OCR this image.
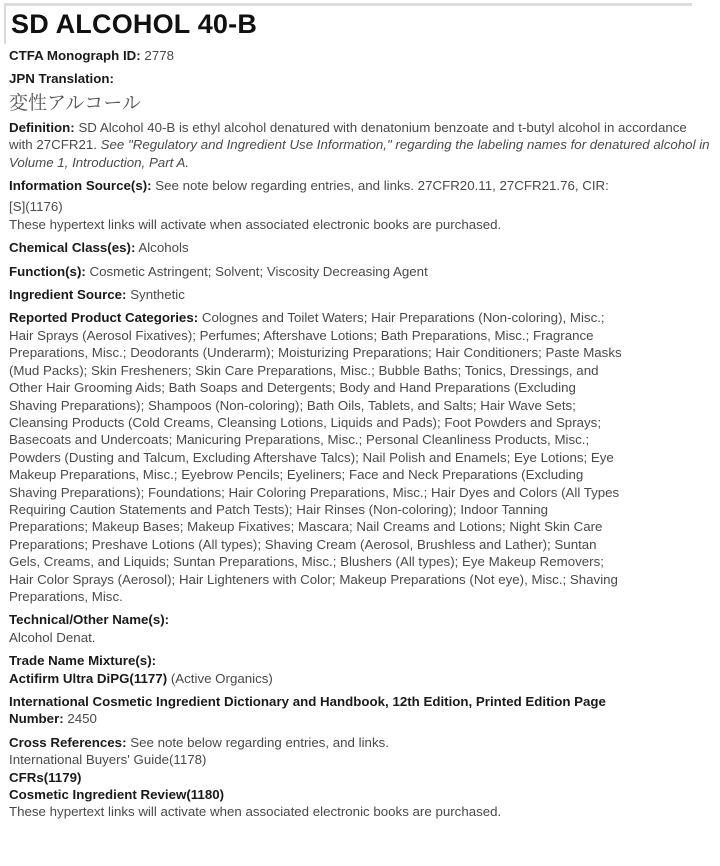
SD ALCOHOL 40-B
CTFA Monograph ID: 2778
JPN Translation:
変性アルコール
Definition: SD Alcohol 40-B is ethyl alcohol denatured with denatonium benzoate and t-butyl alcohol in accordance with 27CFR21. See "Regulatory and Ingredient Use Information," regarding the labeling names for denatured alcohol in Volume 1, Introduction, Part A.
Information Source(s): See note below regarding entries, and links. 27CFR20.11, 27CFR21.76, CIR:
[S](1176)
These hypertext links will activate when associated electronic books are purchased.
Chemical Class(es): Alcohols
Function(s): Cosmetic Astringent; Solvent; Viscosity Decreasing Agent
Ingredient Source: Synthetic
Reported Product Categories: Colognes and Toilet Waters; Hair Preparations (Non-coloring), Misc.;
Hair Sprays (Aerosol Fixatives); Perfumes; Aftershave Lotions; Bath Preparations, Misc.; Fragrance
Preparations, Misc.; Deodorants (Underarm); Moisturizing Preparations; Hair Conditioners; Paste Masks
(Mud Packs); Skin Fresheners; Skin Care Preparations, Misc.; Bubble Baths; Tonics, Dressings, and
Other Hair Grooming Aids; Bath Soaps and Detergents; Body and Hand Preparations (Excluding
Shaving Preparations); Shampoos (Non-coloring); Bath Oils, Tablets, and Salts; Hair Wave Sets;
Cleansing Products (Cold Creams, Cleansing Lotions, Liquids and Pads); Foot Powders and Sprays;
Basecoats and Undercoats; Manicuring Preparations, Misc.; Personal Cleanliness Products, Misc.;
Powders (Dusting and Talcum, Excluding Aftershave Talcs); Nail Polish and Enamels; Eye Lotions; Eye
Makeup Preparations, Misc.; Eyebrow Pencils; Eyeliners; Face and Neck Preparations (Excluding
Shaving Preparations); Foundations; Hair Coloring Preparations, Misc.; Hair Dyes and Colors (All Types
Requiring Caution Statements and Patch Tests); Hair Rinses (Non-coloring); Indoor Tanning
Preparations; Makeup Bases; Makeup Fixatives; Mascara; Nail Creams and Lotions; Night Skin Care
Preparations; Preshave Lotions (All types); Shaving Cream (Aerosol, Brushless and Lather); Suntan
Gels, Creams, and Liquids; Suntan Preparations, Misc.; Blushers (All types); Eye Makeup Removers;
Hair Color Sprays (Aerosol); Hair Lighteners with Color; Makeup Preparations (Not eye), Misc.; Shaving
Preparations, Misc.
Technical/Other Name(s):
Alcohol Denat.
Trade Name Mixture(s):
Actifirm Ultra DiPG(1177) (Active Organics)
International Cosmetic Ingredient Dictionary and Handbook, 12th Edition, Printed Edition Page
Number: 2450
Cross References: See note below regarding entries, and links.
International Buyers' Guide(1178)
CFRs(1179)
Cosmetic Ingredient Review(1180)
These hypertext links will activate when associated electronic books are purchased.
